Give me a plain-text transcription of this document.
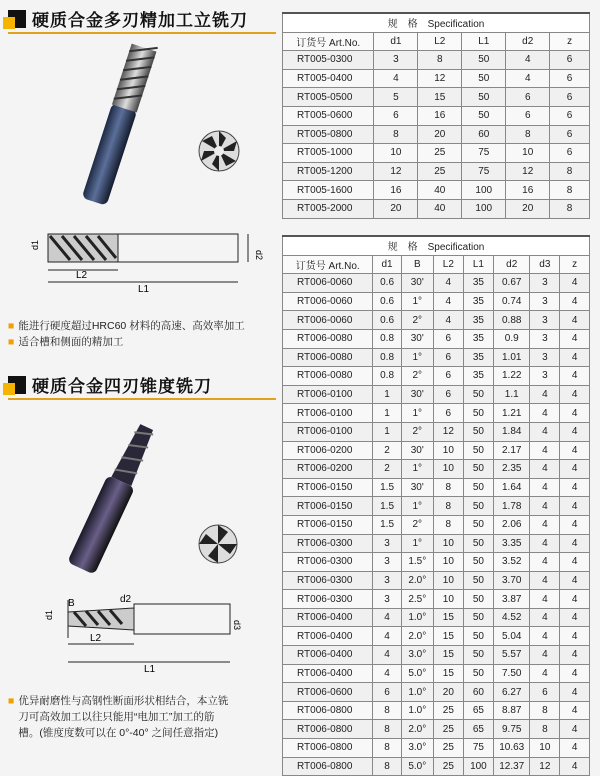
硬质合金多刃精加工立铣刀
d1
d2
L2
L1
■ 能进行硬度超过HRC60 材料的高速、高效率加工
■ 适合槽和侧面的精加工
硬质合金四刃锥度铣刀
B	d2
d1
d3
L2
L1
■ 优异耐磨性与高钢性断面形状相结合，本立铣
刀可高效加工以往只能用“电加工”加工的筋
槽。(锥度度数可以在 0°-40° 之间任意指定)
规　格　Specification					
订货号 Art.No.	d1	L2	L1	d2	z
RT005-0300	3	8	50	4	6
RT005-0400	4	12	50	4	6
RT005-0500	5	15	50	6	6
RT005-0600	6	16	50	6	6
RT005-0800	8	20	60	8	6
RT005-1000	10	25	75	10	6
RT005-1200	12	25	75	12	8
RT005-1600	16	40	100	16	8
RT005-2000	20	40	100	20	8
规　格　Specification							
订货号 Art.No.	d1	B	L2	L1	d2	d3	z
RT006-0060	0.6	30'	4	35	0.67	3	4
RT006-0060	0.6	1°	4	35	0.74	3	4
RT006-0060	0.6	2°	4	35	0.88	3	4
RT006-0080	0.8	30'	6	35	0.9	3	4
RT006-0080	0.8	1°	6	35	1.01	3	4
RT006-0080	0.8	2°	6	35	1.22	3	4
RT006-0100	1	30'	6	50	1.1	4	4
RT006-0100	1	1°	6	50	1.21	4	4
RT006-0100	1	2°	12	50	1.84	4	4
RT006-0200	2	30'	10	50	2.17	4	4
RT006-0200	2	1°	10	50	2.35	4	4
RT006-0150	1.5	30'	8	50	1.64	4	4
RT006-0150	1.5	1°	8	50	1.78	4	4
RT006-0150	1.5	2°	8	50	2.06	4	4
RT006-0300	3	1°	10	50	3.35	4	4
RT006-0300	3	1.5°	10	50	3.52	4	4
RT006-0300	3	2.0°	10	50	3.70	4	4
RT006-0300	3	2.5°	10	50	3.87	4	4
RT006-0400	4	1.0°	15	50	4.52	4	4
RT006-0400	4	2.0°	15	50	5.04	4	4
RT006-0400	4	3.0°	15	50	5.57	4	4
RT006-0400	4	5.0°	15	50	7.50	4	4
RT006-0600	6	1.0°	20	60	6.27	6	4
RT006-0800	8	1.0°	25	65	8.87	8	4
RT006-0800	8	2.0°	25	65	9.75	8	4
RT006-0800	8	3.0°	25	75	10.63	10	4
RT006-0800	8	5.0°	25	100	12.37	12	4
